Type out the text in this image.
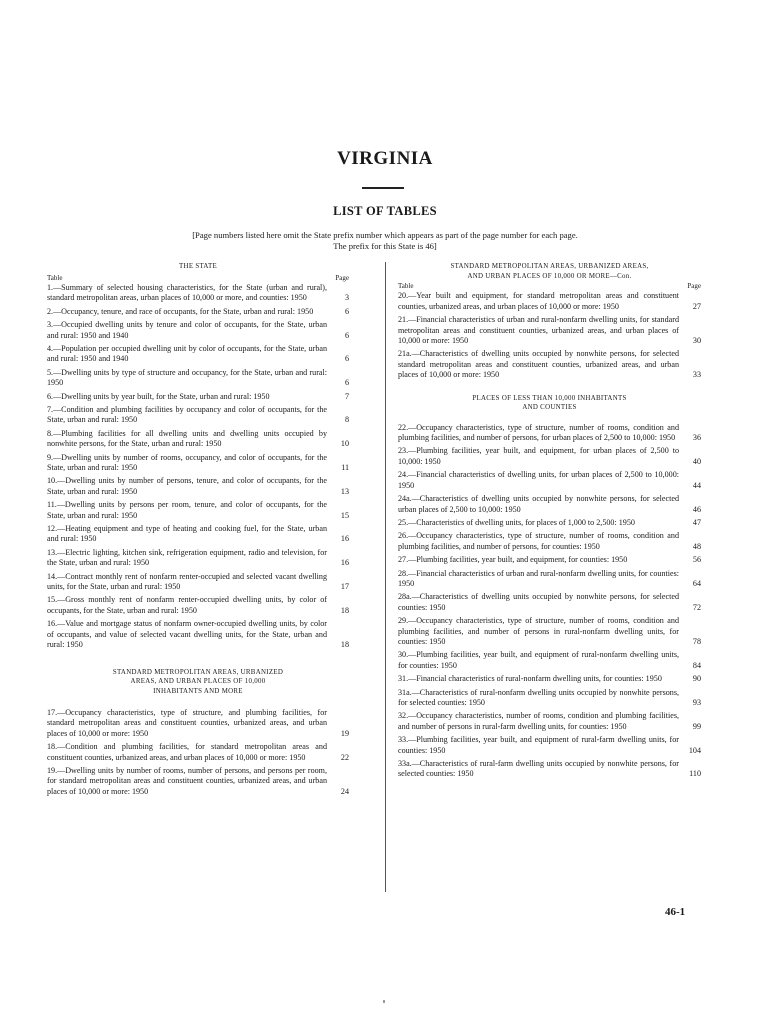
VIRGINIA
LIST OF TABLES
[Page numbers listed here omit the State prefix number which appears as part of the page number for each page.
The prefix for this State is 46]
THE STATE
Table	Page
1.—Summary of selected housing characteristics, for the State (urban and rural), standard metropolitan areas, urban places of 10,000 or more, and counties: 1950	3
2.—Occupancy, tenure, and race of occupants, for the State, urban and rural: 1950	6
3.—Occupied dwelling units by tenure and color of occupants, for the State, urban and rural: 1950 and 1940	6
4.—Population per occupied dwelling unit by color of occupants, for the State, urban and rural: 1950 and 1940	6
5.—Dwelling units by type of structure and occupancy, for the State, urban and rural: 1950	6
6.—Dwelling units by year built, for the State, urban and rural: 1950	7
7.—Condition and plumbing facilities by occupancy and color of occupants, for the State, urban and rural: 1950	8
8.—Plumbing facilities for all dwelling units and dwelling units occupied by nonwhite persons, for the State, urban and rural: 1950	10
9.—Dwelling units by number of rooms, occupancy, and color of occupants, for the State, urban and rural: 1950	11
10.—Dwelling units by number of persons, tenure, and color of occupants, for the State, urban and rural: 1950	13
11.—Dwelling units by persons per room, tenure, and color of occupants, for the State, urban and rural: 1950	15
12.—Heating equipment and type of heating and cooking fuel, for the State, urban and rural: 1950	16
13.—Electric lighting, kitchen sink, refrigeration equipment, radio and television, for the State, urban and rural: 1950	16
14.—Contract monthly rent of nonfarm renter-occupied and selected vacant dwelling units, for the State, urban and rural: 1950	17
15.—Gross monthly rent of nonfarm renter-occupied dwelling units, by color of occupants, for the State, urban and rural: 1950	18
16.—Value and mortgage status of nonfarm owner-occupied dwelling units, by color of occupants, and value of selected vacant dwelling units, for the State, urban and rural: 1950	18
STANDARD METROPOLITAN AREAS, URBANIZED
AREAS, AND URBAN PLACES OF 10,000
INHABITANTS AND MORE
17.—Occupancy characteristics, type of structure, and plumbing facilities, for standard metropolitan areas and constituent counties, urbanized areas, and urban places of 10,000 or more: 1950	19
18.—Condition and plumbing facilities, for standard metropolitan areas and constituent counties, urbanized areas, and urban places of 10,000 or more: 1950	22
19.—Dwelling units by number of rooms, number of persons, and persons per room, for standard metropolitan areas and constituent counties, urbanized areas, and urban places of 10,000 or more: 1950	24
STANDARD METROPOLITAN AREAS, URBANIZED AREAS,
AND URBAN PLACES OF 10,000 OR MORE—Con.
Table	Page
20.—Year built and equipment, for standard metropolitan areas and constituent counties, urbanized areas, and urban places of 10,000 or more: 1950	27
21.—Financial characteristics of urban and rural-nonfarm dwelling units, for standard metropolitan areas and constituent counties, urbanized areas, and urban places of 10,000 or more: 1950	30
21a.—Characteristics of dwelling units occupied by nonwhite persons, for selected standard metropolitan areas and constituent counties, urbanized areas, and urban places of 10,000 or more: 1950	33
PLACES OF LESS THAN 10,000 INHABITANTS
AND COUNTIES
22.—Occupancy characteristics, type of structure, number of rooms, condition and plumbing facilities, and number of persons, for urban places of 2,500 to 10,000: 1950	36
23.—Plumbing facilities, year built, and equipment, for urban places of 2,500 to 10,000: 1950	40
24.—Financial characteristics of dwelling units, for urban places of 2,500 to 10,000: 1950	44
24a.—Characteristics of dwelling units occupied by nonwhite persons, for selected urban places of 2,500 to 10,000: 1950	46
25.—Characteristics of dwelling units, for places of 1,000 to 2,500: 1950	47
26.—Occupancy characteristics, type of structure, number of rooms, condition and plumbing facilities, and number of persons, for counties: 1950	48
27.—Plumbing facilities, year built, and equipment, for counties: 1950	56
28.—Financial characteristics of urban and rural-nonfarm dwelling units, for counties: 1950	64
28a.—Characteristics of dwelling units occupied by nonwhite persons, for selected counties: 1950	72
29.—Occupancy characteristics, type of structure, number of rooms, condition and plumbing facilities, and number of persons in rural-nonfarm dwelling units, for counties: 1950	78
30.—Plumbing facilities, year built, and equipment of rural-nonfarm dwelling units, for counties: 1950	84
31.—Financial characteristics of rural-nonfarm dwelling units, for counties: 1950	90
31a.—Characteristics of rural-nonfarm dwelling units occupied by nonwhite persons, for selected counties: 1950	93
32.—Occupancy characteristics, number of rooms, condition and plumbing facilities, and number of persons in rural-farm dwelling units, for counties: 1950	99
33.—Plumbing facilities, year built, and equipment of rural-farm dwelling units, for counties: 1950	104
33a.—Characteristics of rural-farm dwelling units occupied by nonwhite persons, for selected counties: 1950	110
46-1
